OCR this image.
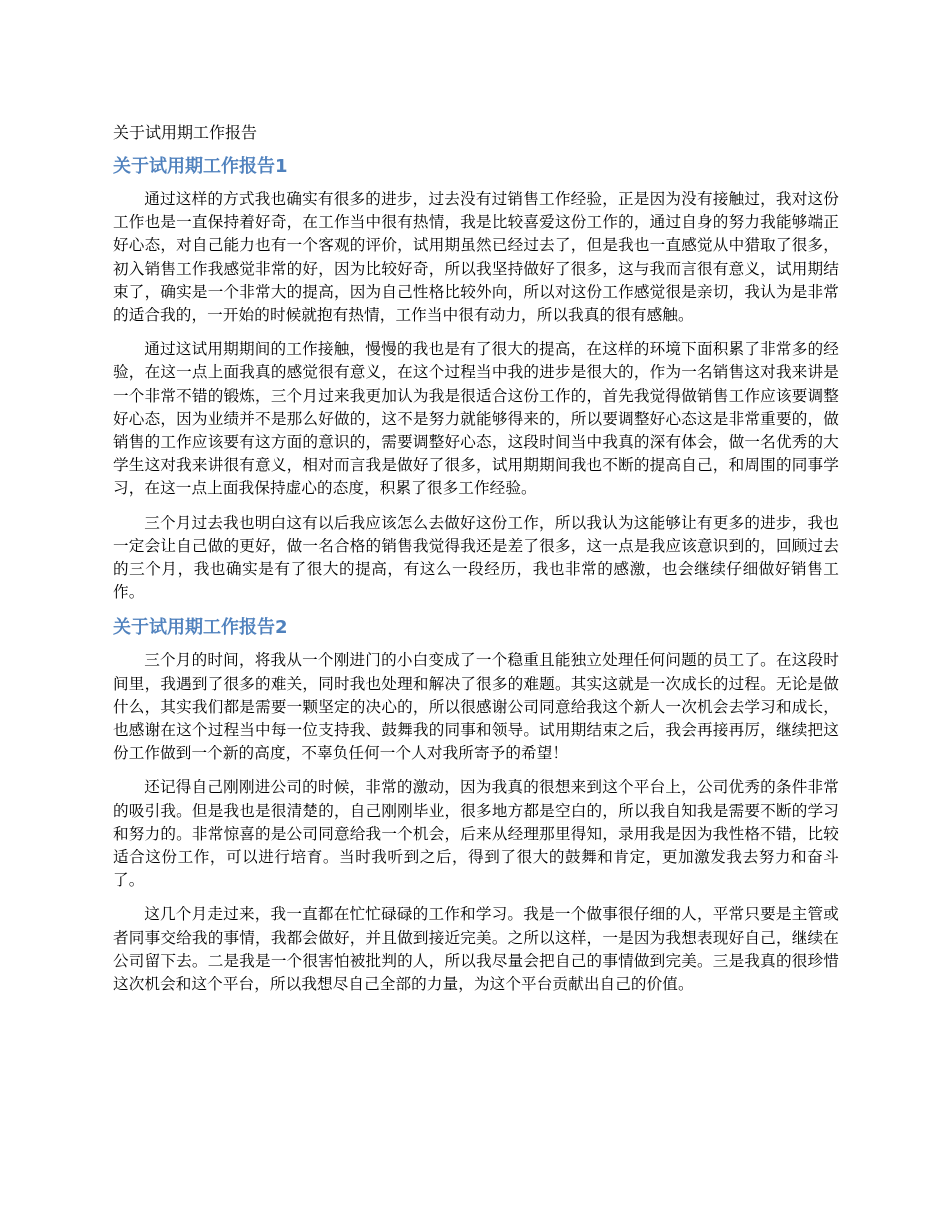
关于试用期工作报告
关于试用期工作报告1

通过这样的方式我也确实有很多的进步，过去没有过销售工作经验，正是因为没有接触过，我对这份工作也是一直保持着好奇，在工作当中很有热情，我是比较喜爱这份工作的，通过自身的努力我能够端正好心态，对自己能力也有一个客观的评价，试用期虽然已经过去了，但是我也一直感觉从中猎取了很多，初入销售工作我感觉非常的好，因为比较好奇，所以我坚持做好了很多，这与我而言很有意义，试用期结束了，确实是一个非常大的提高，因为自己性格比较外向，所以对这份工作感觉很是亲切，我认为是非常的适合我的，一开始的时候就抱有热情，工作当中很有动力，所以我真的很有感触。

通过这试用期期间的工作接触，慢慢的我也是有了很大的提高，在这样的环境下面积累了非常多的经验，在这一点上面我真的感觉很有意义，在这个过程当中我的进步是很大的，作为一名销售这对我来讲是一个非常不错的锻炼，三个月过来我更加认为我是很适合这份工作的，首先我觉得做销售工作应该要调整好心态，因为业绩并不是那么好做的，这不是努力就能够得来的，所以要调整好心态这是非常重要的，做销售的工作应该要有这方面的意识的，需要调整好心态，这段时间当中我真的深有体会，做一名优秀的大学生这对我来讲很有意义，相对而言我是做好了很多，试用期期间我也不断的提高自己，和周围的同事学习，在这一点上面我保持虚心的态度，积累了很多工作经验。

三个月过去我也明白这有以后我应该怎么去做好这份工作，所以我认为这能够让有更多的进步，我也一定会让自己做的更好，做一名合格的销售我觉得我还是差了很多，这一点是我应该意识到的，回顾过去的三个月，我也确实是有了很大的提高，有这么一段经历，我也非常的感激，也会继续仔细做好销售工作。

关于试用期工作报告2

三个月的时间，将我从一个刚进门的小白变成了一个稳重且能独立处理任何问题的员工了。在这段时间里，我遇到了很多的难关，同时我也处理和解决了很多的难题。其实这就是一次成长的过程。无论是做什么，其实我们都是需要一颗坚定的决心的，所以很感谢公司同意给我这个新人一次机会去学习和成长，也感谢在这个过程当中每一位支持我、鼓舞我的同事和领导。试用期结束之后，我会再接再厉，继续把这份工作做到一个新的高度，不辜负任何一个人对我所寄予的希望！

还记得自己刚刚进公司的时候，非常的激动，因为我真的很想来到这个平台上，公司优秀的条件非常的吸引我。但是我也是很清楚的，自己刚刚毕业，很多地方都是空白的，所以我自知我是需要不断的学习和努力的。非常惊喜的是公司同意给我一个机会，后来从经理那里得知，录用我是因为我性格不错，比较适合这份工作，可以进行培育。当时我听到之后，得到了很大的鼓舞和肯定，更加激发我去努力和奋斗了。

这几个月走过来，我一直都在忙忙碌碌的工作和学习。我是一个做事很仔细的人，平常只要是主管或者同事交给我的事情，我都会做好，并且做到接近完美。之所以这样，一是因为我想表现好自己，继续在公司留下去。二是我是一个很害怕被批判的人，所以我尽量会把自己的事情做到完美。三是我真的很珍惜这次机会和这个平台，所以我想尽自己全部的力量，为这个平台贡献出自己的价值。
